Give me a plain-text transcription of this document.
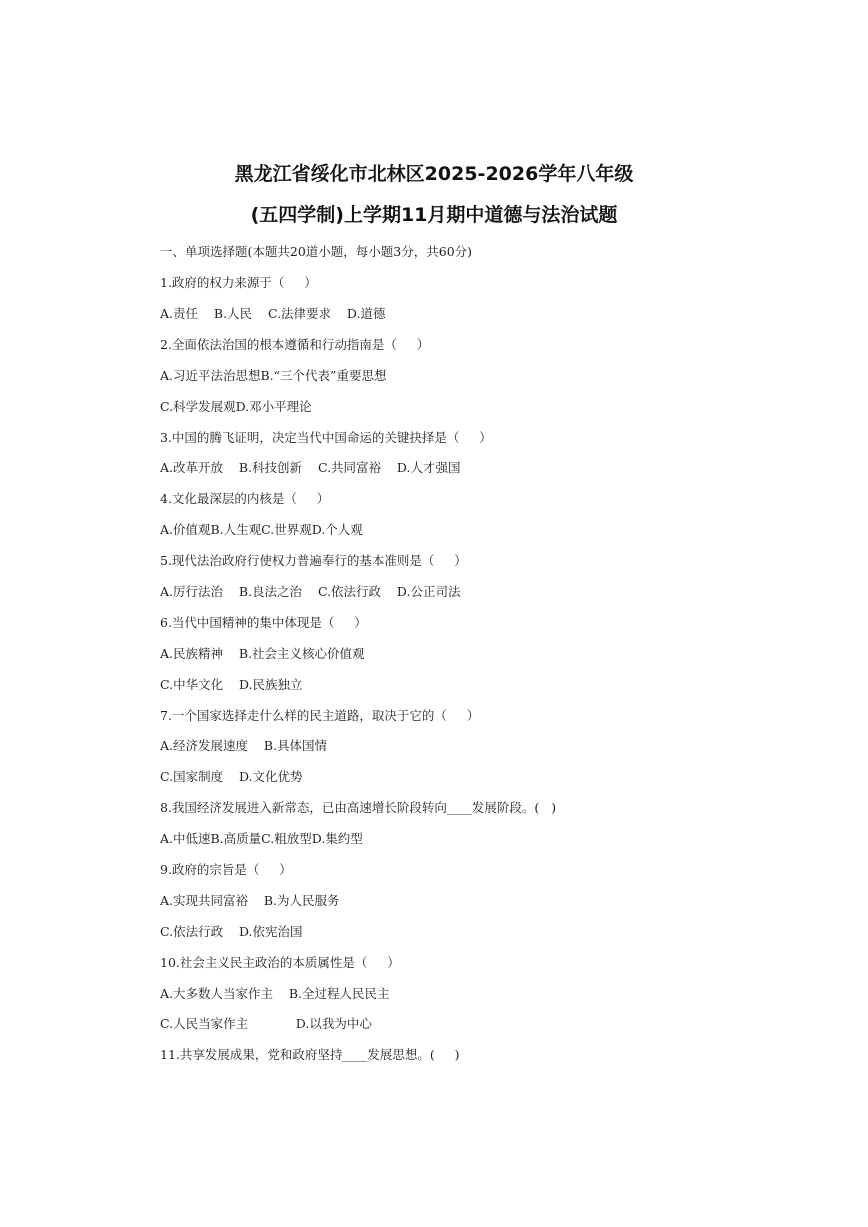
黑龙江省绥化市北林区2025-2026学年八年级
(五四学制)上学期11月期中道德与法治试题
一、单项选择题(本题共20道小题，每小题3分，共60分)
1.政府的权力来源于（     ）
A.责任    B.人民    C.法律要求    D.道德
2.全面依法治国的根本遵循和行动指南是（     ）
A.习近平法治思想B.“三个代表”重要思想
C.科学发展观D.邓小平理论
3.中国的腾飞证明，决定当代中国命运的关键抉择是（     ）
A.改革开放    B.科技创新    C.共同富裕    D.人才强国
4.文化最深层的内核是（     ）
A.价值观B.人生观C.世界观D.个人观
5.现代法治政府行使权力普遍奉行的基本准则是（     ）
A.厉行法治    B.良法之治    C.依法行政    D.公正司法
6.当代中国精神的集中体现是（     ）
A.民族精神    B.社会主义核心价值观
C.中华文化    D.民族独立
7.一个国家选择走什么样的民主道路，取决于它的（     ）
A.经济发展速度    B.具体国情
C.国家制度    D.文化优势
8.我国经济发展进入新常态，已由高速增长阶段转向____发展阶段。(   )
A.中低速B.高质量C.粗放型D.集约型
9.政府的宗旨是（     ）
A.实现共同富裕    B.为人民服务
C.依法行政    D.依宪治国
10.社会主义民主政治的本质属性是（     ）
A.大多数人当家作主    B.全过程人民民主
C.人民当家作主            D.以我为中心
11.共享发展成果，党和政府坚持____发展思想。(     )
